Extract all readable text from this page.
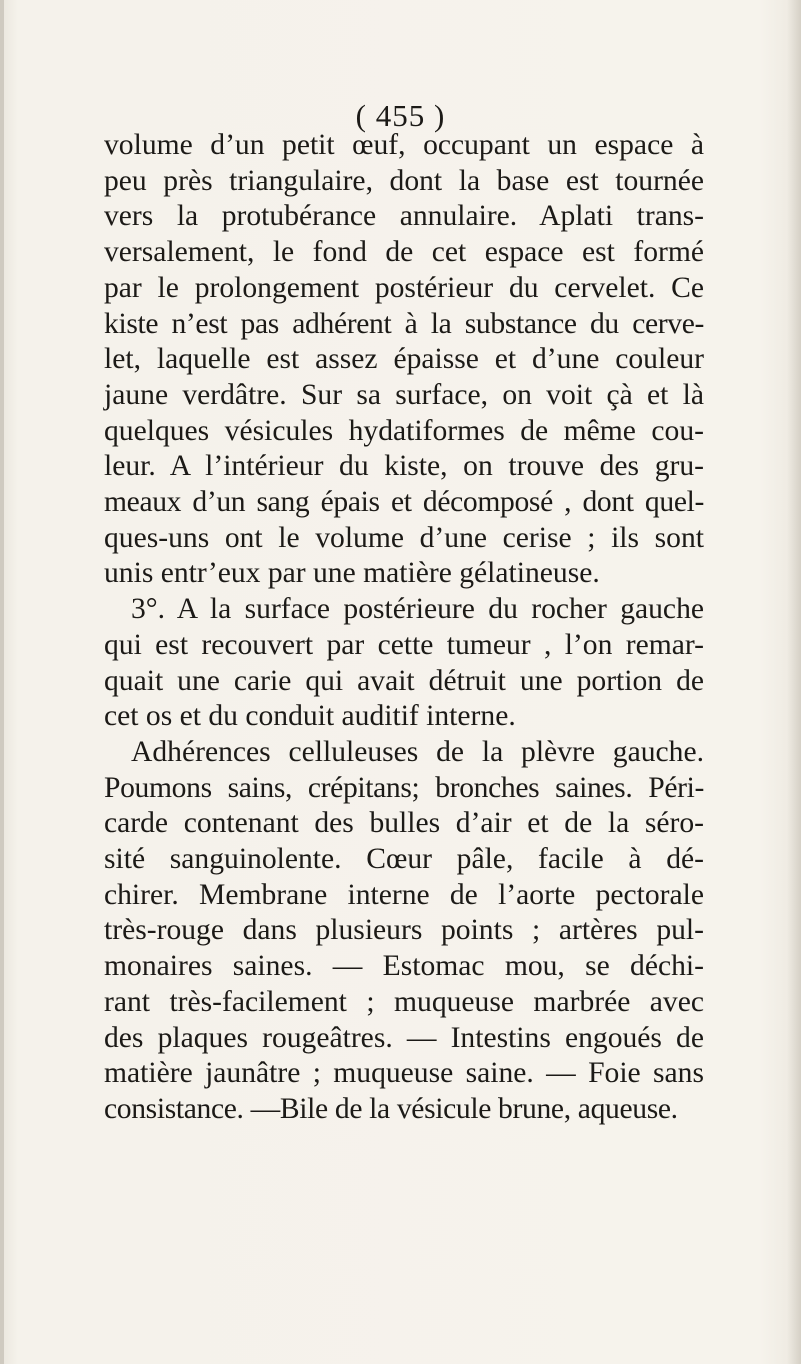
( 455 )
volume d’un petit œuf, occupant un espace à
peu près triangulaire, dont la base est tournée
vers la protubérance annulaire. Aplati trans-
versalement, le fond de cet espace est formé
par le prolongement postérieur du cervelet. Ce
kiste n’est pas adhérent à la substance du cerve-
let, laquelle est assez épaisse et d’une couleur
jaune verdâtre. Sur sa surface, on voit çà et là
quelques vésicules hydatiformes de même cou-
leur. A l’intérieur du kiste, on trouve des gru-
meaux d’un sang épais et décomposé , dont quel-
ques-uns ont le volume d’une cerise ; ils sont
unis entr’eux par une matière gélatineuse.
3°. A la surface postérieure du rocher gauche
qui est recouvert par cette tumeur , l’on remar-
quait une carie qui avait détruit une portion de
cet os et du conduit auditif interne.
Adhérences celluleuses de la plèvre gauche.
Poumons sains, crépitans; bronches saines. Péri-
carde contenant des bulles d’air et de la séro-
sité sanguinolente. Cœur pâle, facile à dé-
chirer. Membrane interne de l’aorte pectorale
très-rouge dans plusieurs points ; artères pul-
monaires saines. — Estomac mou, se déchi-
rant très-facilement ; muqueuse marbrée avec
des plaques rougeâtres. — Intestins engoués de
matière jaunâtre ; muqueuse saine. — Foie sans
consistance. —Bile de la vésicule brune, aqueuse.
